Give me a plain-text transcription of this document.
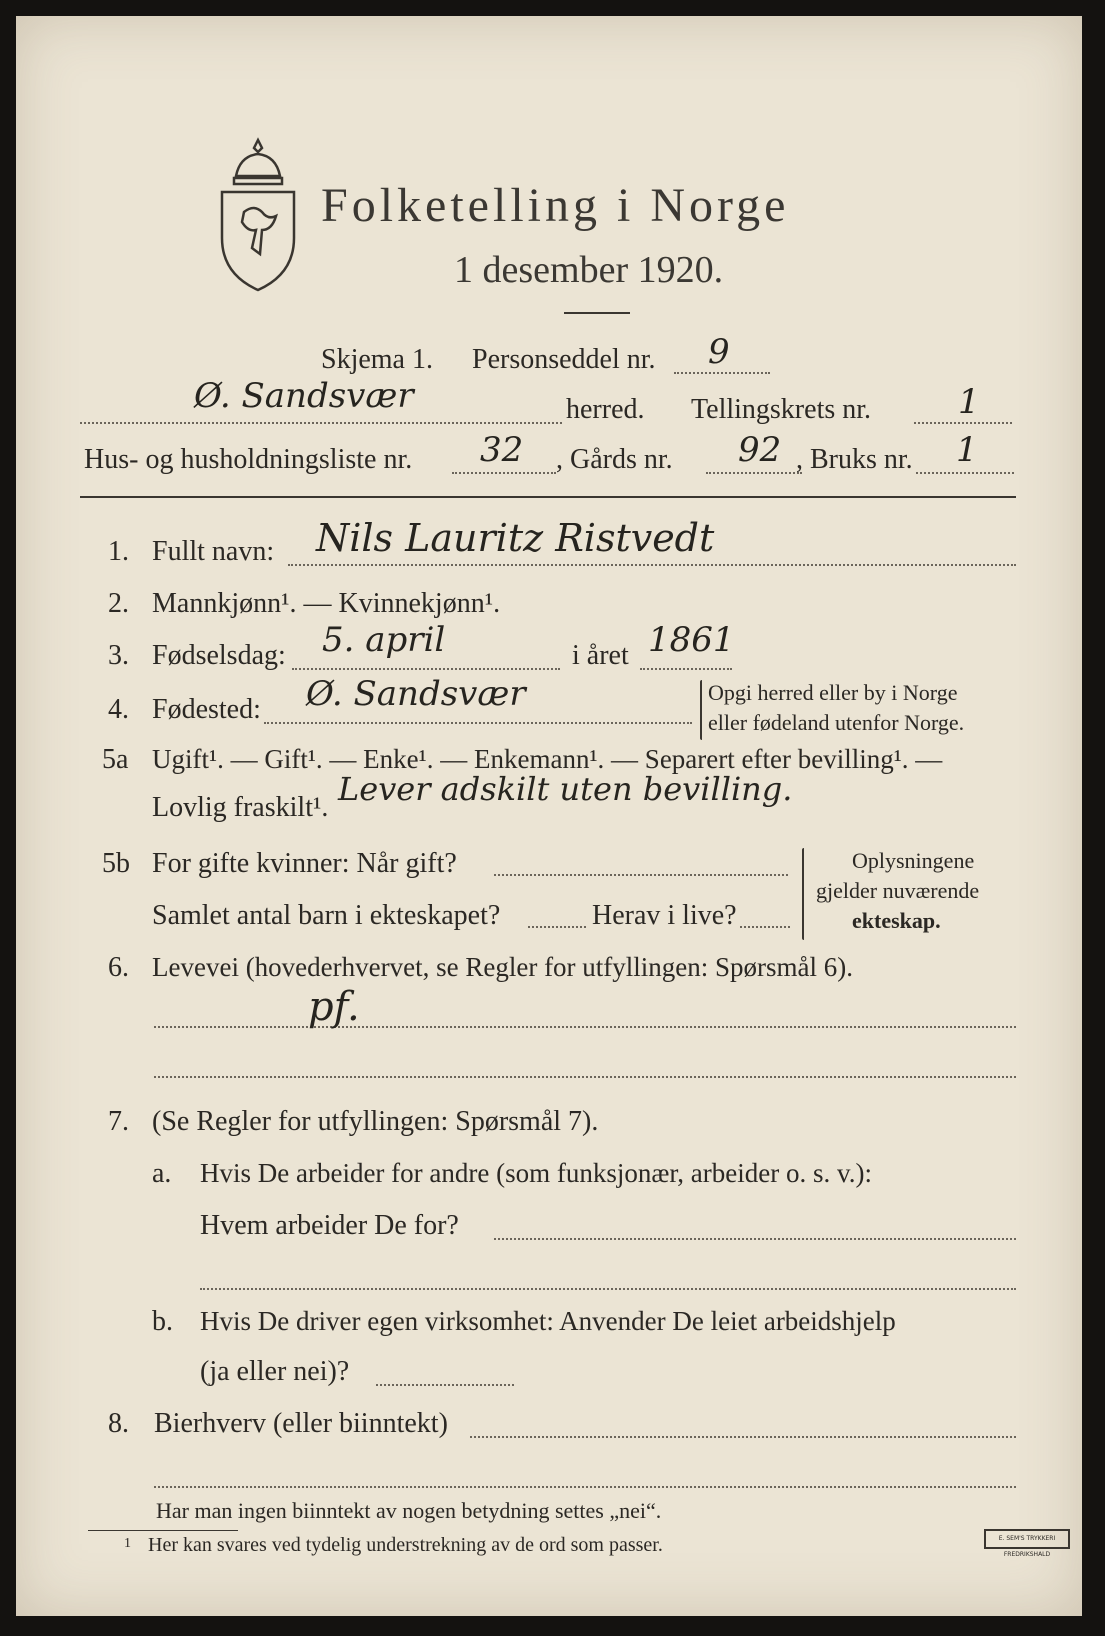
Folketelling i Norge
1 desember 1920.
Skjema 1. Personseddel nr. 9
Ø. Sandsvær	herred. Tellingskrets nr.	1
Hus- og husholdningsliste nr. 32 , Gårds nr. 92 , Bruks nr. 1
1. Fullt navn: Nils Lauritz Ristvedt
2. Mannkjønn¹. — Kvinnekjønn¹.
3. Fødselsdag: 5. april	i året 1861
4. Fødested: Ø. Sandsvær	Opgi herred eller by i Norge
eller fødeland utenfor Norge.
5a Ugift¹. — Gift¹. — Enke¹. — Enkemann¹. — Separert efter bevilling¹. —
Lovlig fraskilt¹. Lever adskilt uten bevilling.
5b For gifte kvinner: Når gift?
Samlet antal barn i ekteskapet?	Herav i live?
Oplysningene
gjelder nuværende
ekteskap.
6. Levevei (hovederhvervet, se Regler for utfyllingen: Spørsmål 6).
pf.
7. (Se Regler for utfyllingen: Spørsmål 7).
a. Hvis De arbeider for andre (som funksjonær, arbeider o. s. v.):
Hvem arbeider De for?
b. Hvis De driver egen virksomhet: Anvender De leiet arbeidshjelp
(ja eller nei)?
8. Bierhverv (eller biinntekt)
Har man ingen biinntekt av nogen betydning settes „nei“.
1 Her kan svares ved tydelig understrekning av de ord som passer.	E. SEM'S TRYKKERI FREDRIKSHALD
